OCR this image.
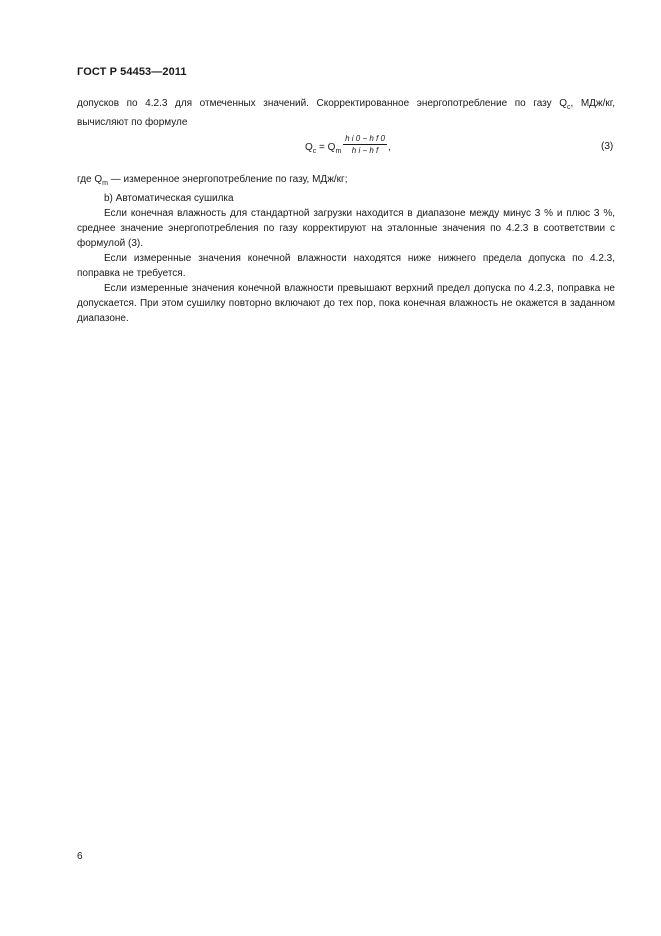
ГОСТ Р 54453—2011

допусков по 4.2.3 для отмеченных значений. Скорректированное энергопотребление по газу $Q_c$, МДж/кг, вычисляют по формуле

$Q_c = Q_m$
h i 0 − h f 0
h i − h f ,	(3)

где $Q_m$ — измеренное энергопотребление по газу, МДж/кг;

b) Автоматическая сушилка

Если конечная влажность для стандартной загрузки находится в диапазоне между минус 3 % и плюс 3 %, среднее значение энергопотребления по газу корректируют на эталонные значения по 4.2.3 в соответствии с формулой (3).

Если измеренные значения конечной влажности находятся ниже нижнего предела допуска по 4.2.3, поправка не требуется.

Если измеренные значения конечной влажности превышают верхний предел допуска по 4.2.3, поправка не допускается. При этом сушилку повторно включают до тех пор, пока конечная влажность не окажется в заданном диапазоне.

6
